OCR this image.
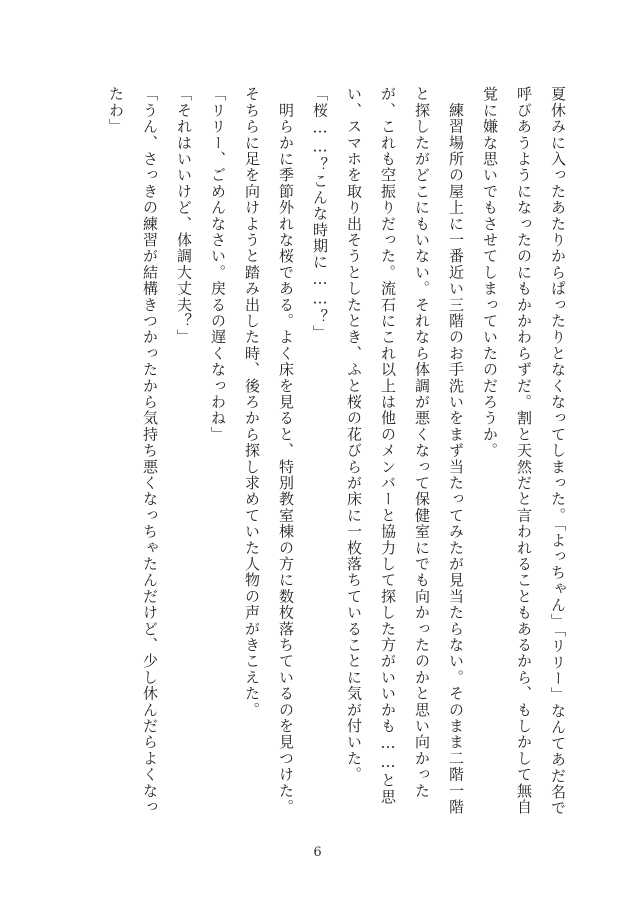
夏休みに入ったあたりからぱったりとなくなってしまった。「よっちゃん」「リリー」なんてあだ名で呼びあうようになったのにもかかわらずだ。割と天然だと言われることもあるから、もしかして無自覚に嫌な思いでもさせてしまっていたのだろうか。

　練習場所の屋上に一番近い三階のお手洗いをまず当たってみたが見当たらない。そのまま二階一階と探したがどこにもいない。それなら体調が悪くなって保健室にでも向かったのかと思い向かったが、これも空振りだった。流石にこれ以上は他のメンバーと協力して探した方がいいかも……と思い、スマホを取り出そうとしたとき、ふと桜の花びらが床に一枚落ちていることに気が付いた。

「桜……？こんな時期に……？」

　明らかに季節外れな桜である。よく床を見ると、特別教室棟の方に数枚落ちているのを見つけた。そちらに足を向けようと踏み出した時、後ろから探し求めていた人物の声がきこえた。

「リリー、ごめんなさい。戻るの遅くなっわね」

「それはいいけど、体調大丈夫？」

「うん、さっきの練習が結構きつかったから気持ち悪くなっちゃたんだけど、少し休んだらよくなったわ」

6
